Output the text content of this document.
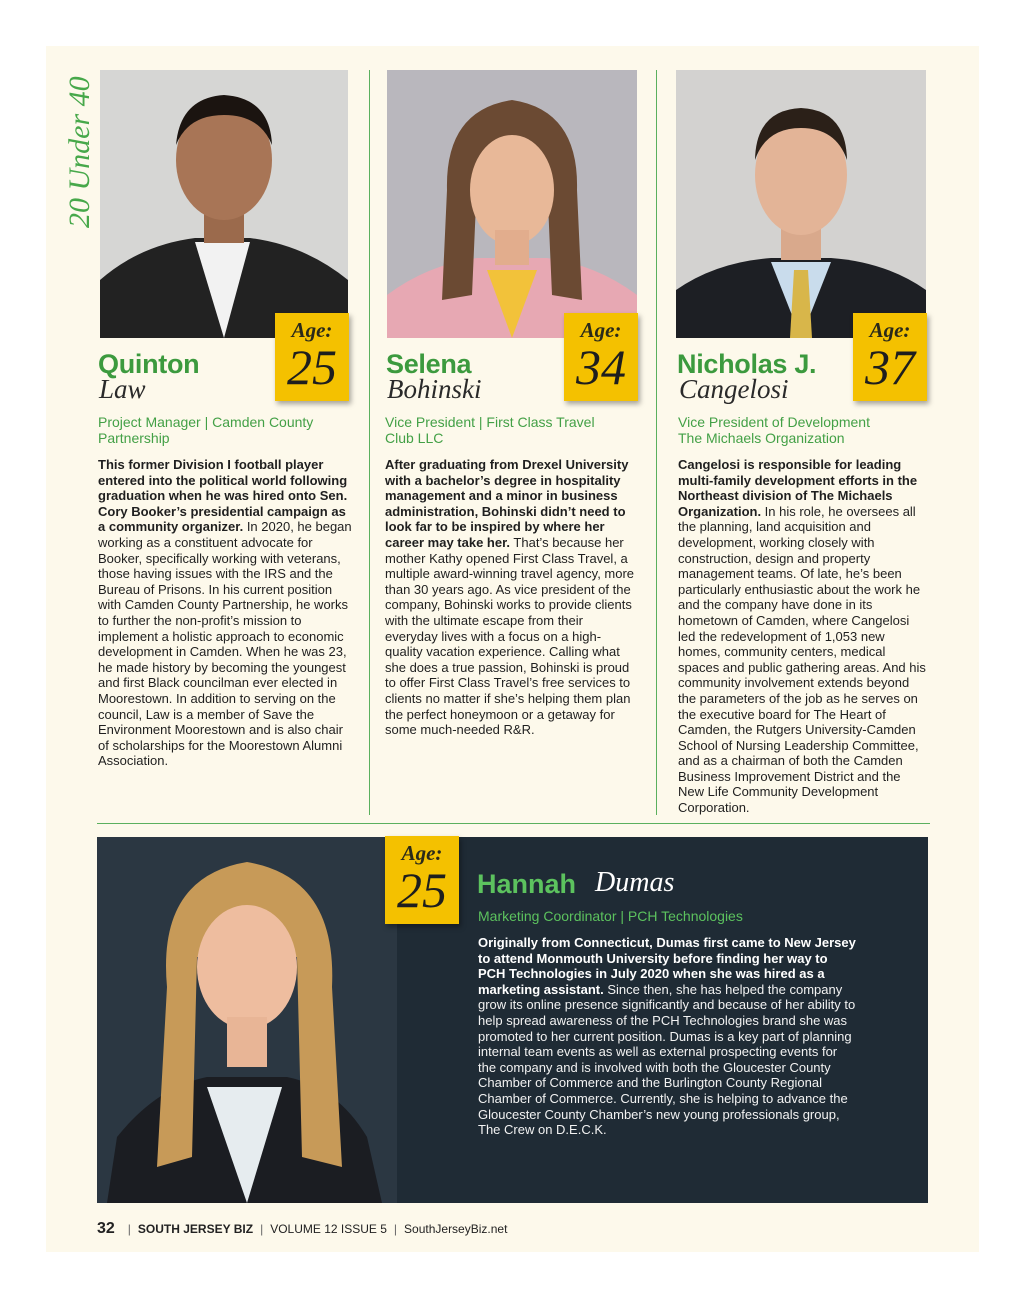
20 Under 40
Age:
25
Quinton
Law
Project Manager | Camden County
Partnership
This former Division I football player entered into the political world following graduation when he was hired onto Sen. Cory Booker’s presidential campaign as a community organizer. In 2020, he began working as a constituent advocate for Booker, specifically working with veterans, those having issues with the IRS and the Bureau of Prisons. In his current position with Camden County Partnership, he works to further the non-profit’s mission to implement a holistic approach to economic development in Camden. When he was 23, he made history by becoming the youngest and first Black councilman ever elected in Moorestown. In addition to serving on the council, Law is a member of Save the Environment Moorestown and is also chair of scholarships for the Moorestown Alumni Association.
Age:
34
Selena
Bohinski
Vice President | First Class Travel
Club LLC
After graduating from Drexel University with a bachelor’s degree in hospitality management and a minor in business administration, Bohinski didn’t need to look far to be inspired by where her career may take her. That’s because her mother Kathy opened First Class Travel, a multiple award-winning travel agency, more than 30 years ago. As vice president of the company, Bohinski works to provide clients with the ultimate escape from their everyday lives with a focus on a high-quality vacation experience. Calling what she does a true passion, Bohinski is proud to offer First Class Travel’s free services to clients no matter if she’s helping them plan the perfect honeymoon or a getaway for some much-needed R&R.
Age:
37
Nicholas J.
Cangelosi
Vice President of Development
The Michaels Organization
Cangelosi is responsible for leading multi-family development efforts in the Northeast division of The Michaels Organization. In his role, he oversees all the planning, land acquisition and development, working closely with construction, design and property management teams. Of late, he’s been particularly enthusiastic about the work he and the company have done in its hometown of Camden, where Cangelosi led the redevelopment of 1,053 new homes, community centers, medical spaces and public gathering areas. And his community involvement extends beyond the parameters of the job as he serves on the executive board for The Heart of Camden, the Rutgers University-Camden School of Nursing Leadership Committee, and as a chairman of both the Camden Business Improvement District and the New Life Community Development Corporation.
Age:
25	Hannah Dumas
Marketing Coordinator | PCH Technologies
Originally from Connecticut, Dumas first came to New Jersey to attend Monmouth University before finding her way to PCH Technologies in July 2020 when she was hired as a marketing assistant. Since then, she has helped the company grow its online presence significantly and because of her ability to help spread awareness of the PCH Technologies brand she was promoted to her current position. Dumas is a key part of planning internal team events as well as external prospecting events for the company and is involved with both the Gloucester County Chamber of Commerce and the Burlington County Regional Chamber of Commerce. Currently, she is helping to advance the Gloucester County Chamber’s new young professionals group, The Crew on D.E.C.K.
32 | SOUTH JERSEY BIZ | VOLUME 12 ISSUE 5 | SouthJerseyBiz.net
